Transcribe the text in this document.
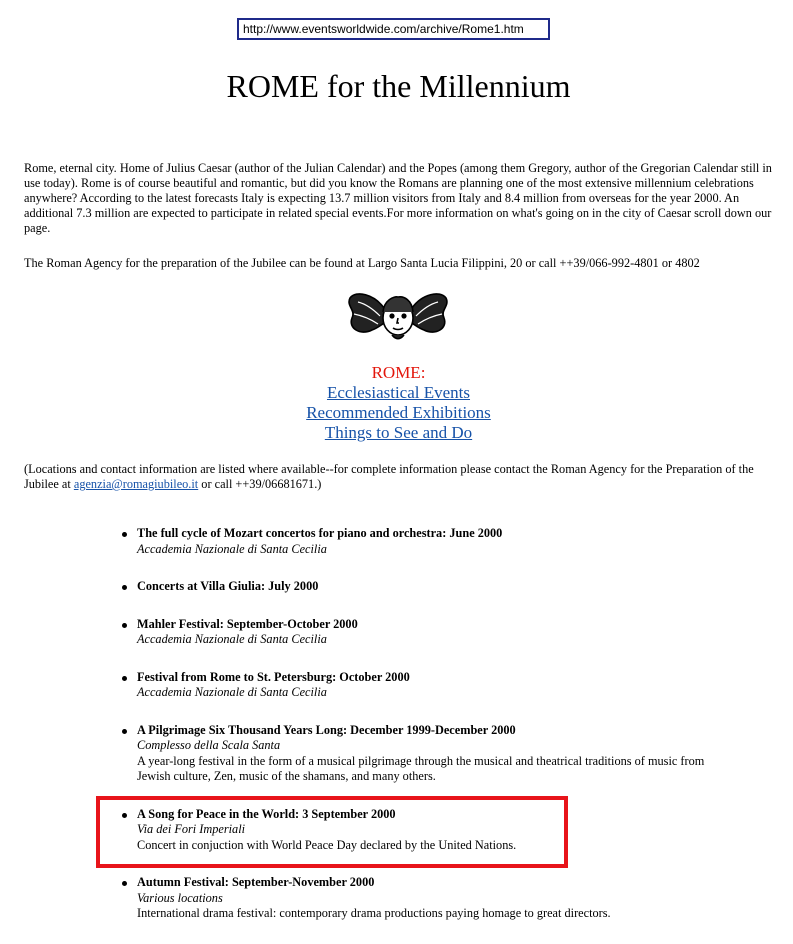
http://www.eventsworldwide.com/archive/Rome1.htm
ROME for the Millennium

Rome, eternal city. Home of Julius Caesar (author of the Julian Calendar) and the Popes (among them Gregory, author of the Gregorian Calendar still in use today). Rome is of course beautiful and romantic, but did you know the Romans are planning one of the most extensive millennium celebrations anywhere? According to the latest forecasts Italy is expecting 13.7 million visitors from Italy and 8.4 million from overseas for the year 2000. An additional 7.3 million are expected to participate in related special events.For more information on what's going on in the city of Caesar scroll down our page.

The Roman Agency for the preparation of the Jubilee can be found at Largo Santa Lucia Filippini, 20 or call ++39/066-992-4801 or 4802

ROME:
Ecclesiastical Events
Recommended Exhibitions
Things to See and Do

(Locations and contact information are listed where available--for complete information please contact the Roman Agency for the Preparation of the Jubilee at agenzia@romagiubileo.it or call ++39/06681671.)

The full cycle of Mozart concertos for piano and orchestra: June 2000
Accademia Nazionale di Santa Cecilia
Concerts at Villa Giulia: July 2000
Mahler Festival: September-October 2000
Accademia Nazionale di Santa Cecilia
Festival from Rome to St. Petersburg: October 2000
Accademia Nazionale di Santa Cecilia
A Pilgrimage Six Thousand Years Long: December 1999-December 2000
Complesso della Scala Santa
A year-long festival in the form of a musical pilgrimage through the musical and theatrical traditions of music from Jewish culture, Zen, music of the shamans, and many others.
A Song for Peace in the World: 3 September 2000
Via dei Fori Imperiali
Concert in conjuction with World Peace Day declared by the United Nations.
Autumn Festival: September-November 2000
Various locations
International drama festival: contemporary drama productions paying homage to great directors.
